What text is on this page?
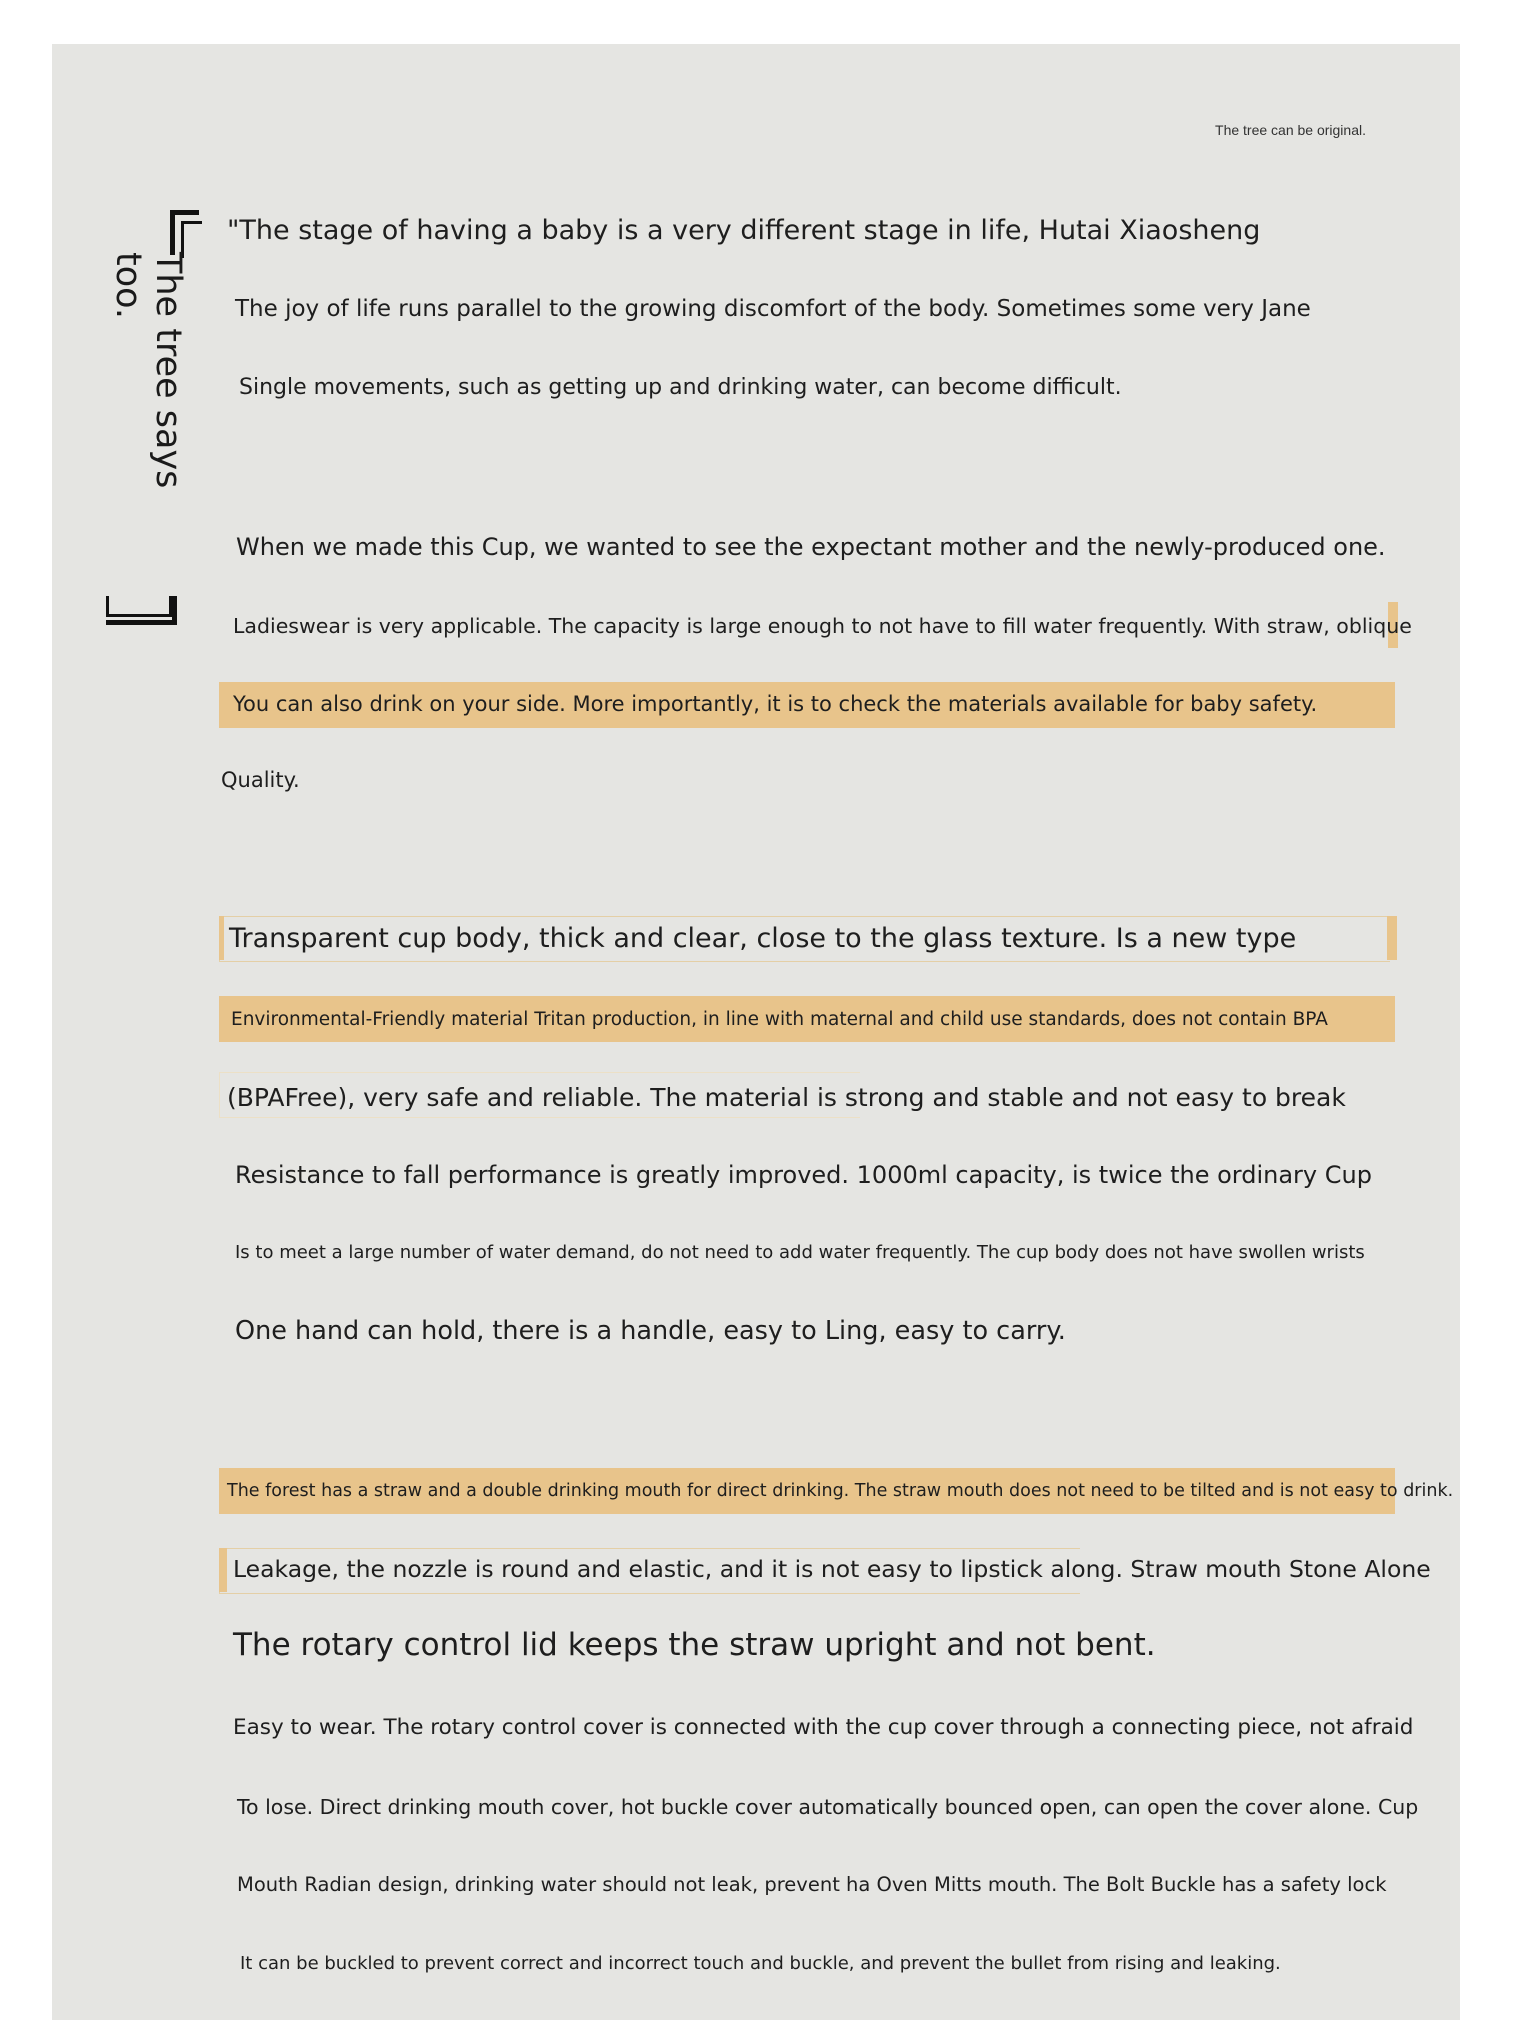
The tree can be original.
The tree says too.
"The stage of having a baby is a very different stage in life, Hutai Xiaosheng
The joy of life runs parallel to the growing discomfort of the body. Sometimes some very Jane
Single movements, such as getting up and drinking water, can become difficult.
When we made this Cup, we wanted to see the expectant mother and the newly-produced one.
Ladieswear is very applicable. The capacity is large enough to not have to fill water frequently. With straw, oblique
You can also drink on your side. More importantly, it is to check the materials available for baby safety.
Quality.
Transparent cup body, thick and clear, close to the glass texture. Is a new type
Environmental-Friendly material Tritan production, in line with maternal and child use standards, does not contain BPA
(BPAFree), very safe and reliable. The material is strong and stable and not easy to break
Resistance to fall performance is greatly improved. 1000ml capacity, is twice the ordinary Cup
Is to meet a large number of water demand, do not need to add water frequently. The cup body does not have swollen wrists
One hand can hold, there is a handle, easy to Ling, easy to carry.
The forest has a straw and a double drinking mouth for direct drinking. The straw mouth does not need to be tilted and is not easy to drink.
Leakage, the nozzle is round and elastic, and it is not easy to lipstick along. Straw mouth Stone Alone
The rotary control lid keeps the straw upright and not bent.
Easy to wear. The rotary control cover is connected with the cup cover through a connecting piece, not afraid
To lose. Direct drinking mouth cover, hot buckle cover automatically bounced open, can open the cover alone. Cup
Mouth Radian design, drinking water should not leak, prevent ha Oven Mitts mouth. The Bolt Buckle has a safety lock
It can be buckled to prevent correct and incorrect touch and buckle, and prevent the bullet from rising and leaking.
